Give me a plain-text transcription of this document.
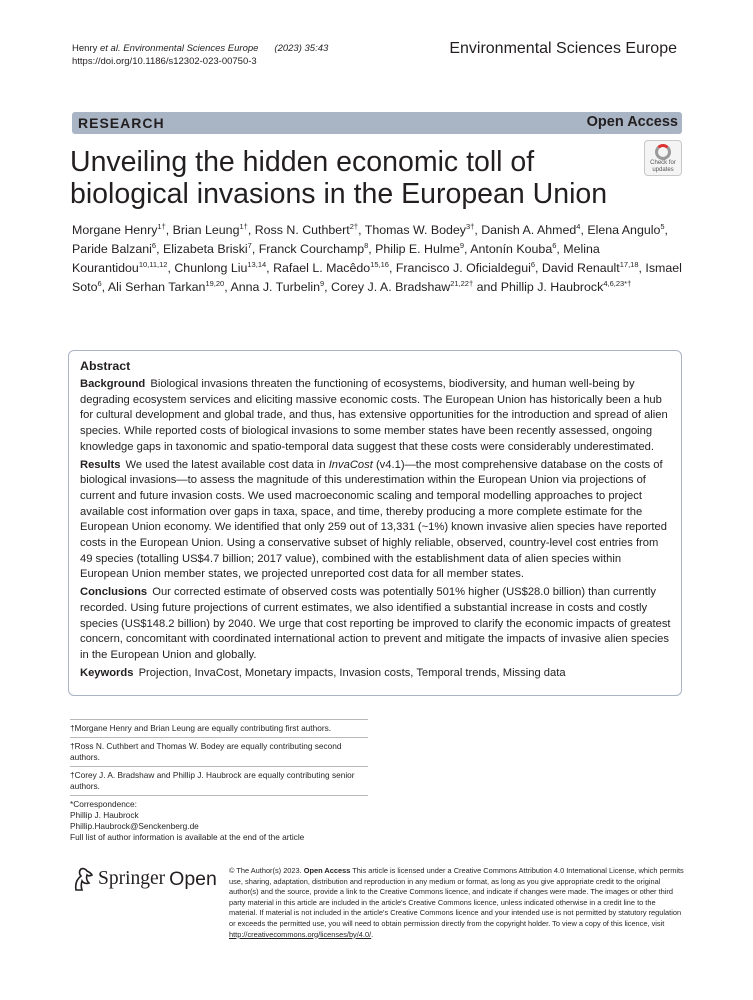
Henry et al. Environmental Sciences Europe (2023) 35:43
https://doi.org/10.1186/s12302-023-00750-3
Environmental Sciences Europe
RESEARCH	Open Access
Unveiling the hidden economic toll of biological invasions in the European Union
Check for
updates
Morgane Henry$^{1\dagger}$, Brian Leung$^{1\dagger}$, Ross N. Cuthbert$^{2\dagger}$, Thomas W. Bodey$^{3\dagger}$, Danish A. Ahmed$^4$, Elena Angulo$^5$, Paride Balzani$^6$, Elizabeta Briski$^7$, Franck Courchamp$^8$, Philip E. Hulme$^9$, Antonín Kouba$^6$, Melina Kourantidou$^{10,11,12}$, Chunlong Liu$^{13,14}$, Rafael L. Macêdo$^{15,16}$, Francisco J. Oficialdegui$^6$, David Renault$^{17,18}$, Ismael Soto$^6$, Ali Serhan Tarkan$^{19,20}$, Anna J. Turbelin$^9$, Corey J. A. Bradshaw$^{21,22\dagger}$ and Phillip J. Haubrock$^{4,6,23*\dagger}$
Abstract

Background Biological invasions threaten the functioning of ecosystems, biodiversity, and human well-being by degrading ecosystem services and eliciting massive economic costs. The European Union has historically been a hub for cultural development and global trade, and thus, has extensive opportunities for the introduction and spread of alien species. While reported costs of biological invasions to some member states have been recently assessed, ongoing knowledge gaps in taxonomic and spatio-temporal data suggest that these costs were considerably underestimated.

Results We used the latest available cost data in InvaCost (v4.1)—the most comprehensive database on the costs of biological invasions—to assess the magnitude of this underestimation within the European Union via projections of current and future invasion costs. We used macroeconomic scaling and temporal modelling approaches to project available cost information over gaps in taxa, space, and time, thereby producing a more complete estimate for the European Union economy. We identified that only 259 out of 13,331 (~1%) known invasive alien species have reported costs in the European Union. Using a conservative subset of highly reliable, observed, country-level cost entries from 49 species (totalling US$4.7 billion; 2017 value), combined with the establishment data of alien species within European Union member states, we projected unreported cost data for all member states.

Conclusions Our corrected estimate of observed costs was potentially 501% higher (US$28.0 billion) than currently recorded. Using future projections of current estimates, we also identified a substantial increase in costs and costly species (US$148.2 billion) by 2040. We urge that cost reporting be improved to clarify the economic impacts of greatest concern, concomitant with coordinated international action to prevent and mitigate the impacts of invasive alien species in the European Union and globally.

Keywords Projection, InvaCost, Monetary impacts, Invasion costs, Temporal trends, Missing data

†Morgane Henry and Brian Leung are equally contributing first authors.
†Ross N. Cuthbert and Thomas W. Bodey are equally contributing second authors.
†Corey J. A. Bradshaw and Phillip J. Haubrock are equally contributing senior authors.
*Correspondence:
Phillip J. Haubrock
Phillip.Haubrock@Senckenberg.de
Full list of author information is available at the end of the article
Springer Open © The Author(s) 2023. Open Access This article is licensed under a Creative Commons Attribution 4.0 International License, which permits use, sharing, adaptation, distribution and reproduction in any medium or format, as long as you give appropriate credit to the original author(s) and the source, provide a link to the Creative Commons licence, and indicate if changes were made. The images or other third party material in this article are included in the article's Creative Commons licence, unless indicated otherwise in a credit line to the material. If material is not included in the article's Creative Commons licence and your intended use is not permitted by statutory regulation or exceeds the permitted use, you will need to obtain permission directly from the copyright holder. To view a copy of this licence, visit http://creativecommons.org/licenses/by/4.0/.
